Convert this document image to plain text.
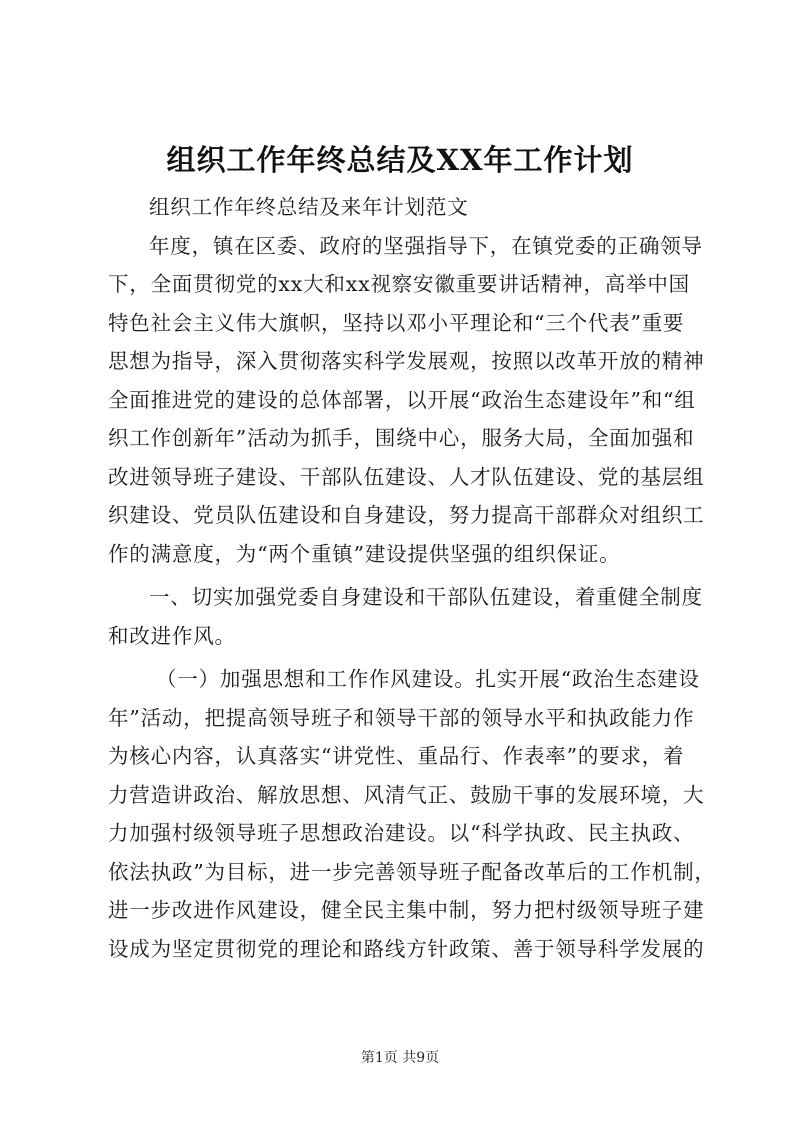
组织工作年终总结及XX年工作计划
组织工作年终总结及来年计划范文
年度，镇在区委、政府的坚强指导下，在镇党委的正确领导
下，全面贯彻党的xx大和xx视察安徽重要讲话精神，高举中国
特色社会主义伟大旗帜，坚持以邓小平理论和“三个代表”重要
思想为指导，深入贯彻落实科学发展观，按照以改革开放的精神
全面推进党的建设的总体部署，以开展“政治生态建设年”和“组
织工作创新年”活动为抓手，围绕中心，服务大局，全面加强和
改进领导班子建设、干部队伍建设、人才队伍建设、党的基层组
织建设、党员队伍建设和自身建设，努力提高干部群众对组织工
作的满意度，为“两个重镇”建设提供坚强的组织保证。
一、切实加强党委自身建设和干部队伍建设，着重健全制度
和改进作风。
（一）加强思想和工作作风建设。扎实开展“政治生态建设
年”活动，把提高领导班子和领导干部的领导水平和执政能力作
为核心内容，认真落实“讲党性、重品行、作表率”的要求，着
力营造讲政治、解放思想、风清气正、鼓励干事的发展环境，大
力加强村级领导班子思想政治建设。以“科学执政、民主执政、
依法执政”为目标，进一步完善领导班子配备改革后的工作机制，
进一步改进作风建设，健全民主集中制，努力把村级领导班子建
设成为坚定贯彻党的理论和路线方针政策、善于领导科学发展的
第1页 共9页
